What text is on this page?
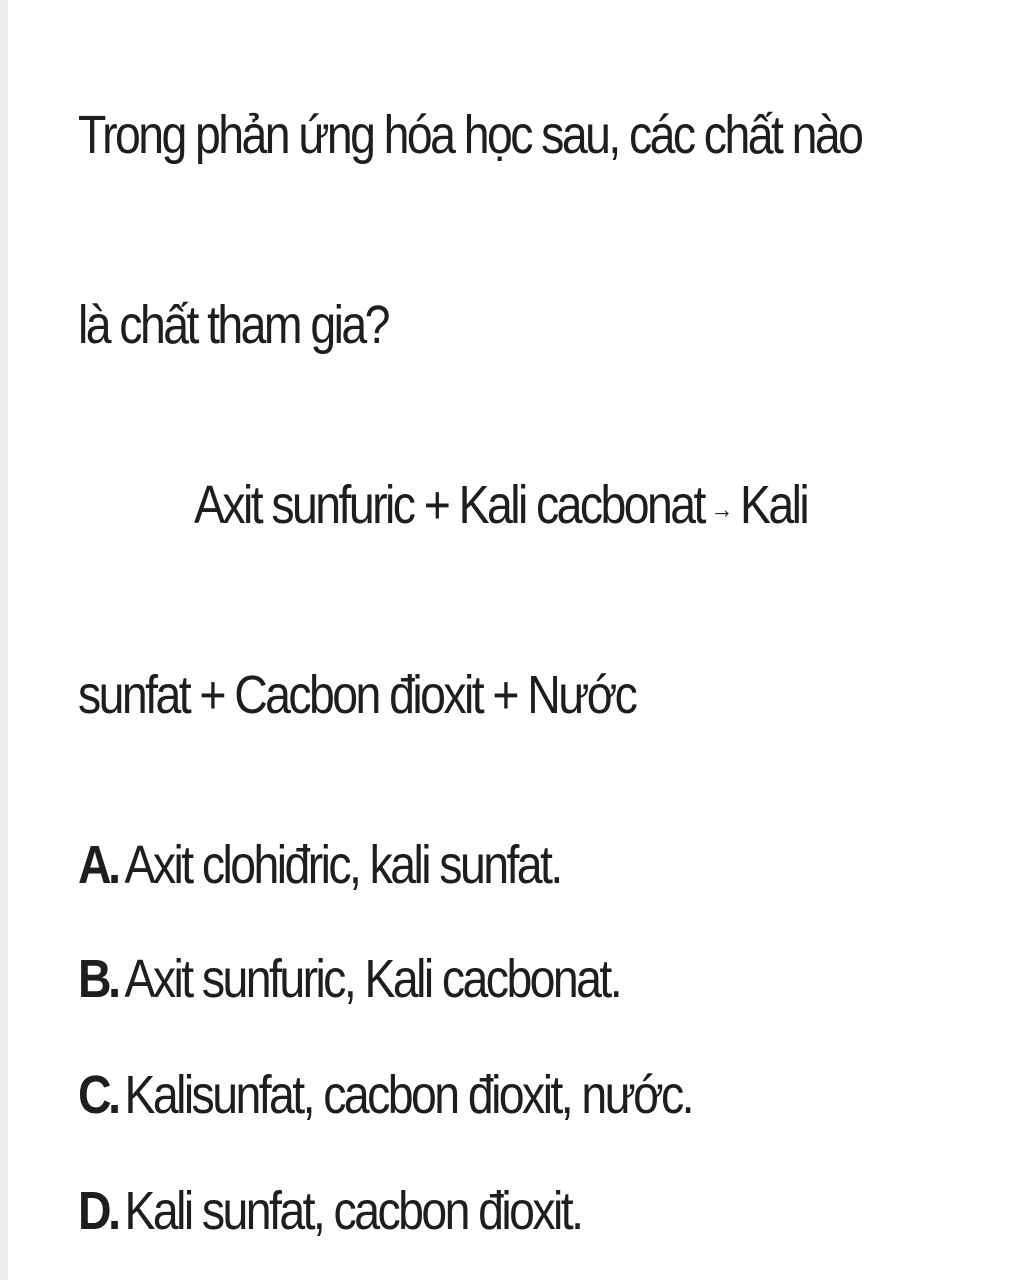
Trong phản ứng hóa học sau, các chất nào
là chất tham gia?
Axit sunfuric + Kali cacbonat → Kali
sunfat + Cacbon đioxit + Nước
A. Axit clohiđric, kali sunfat.
B. Axit sunfuric, Kali cacbonat.
C. Kalisunfat, cacbon đioxit, nước.
D. Kali sunfat, cacbon đioxit.
